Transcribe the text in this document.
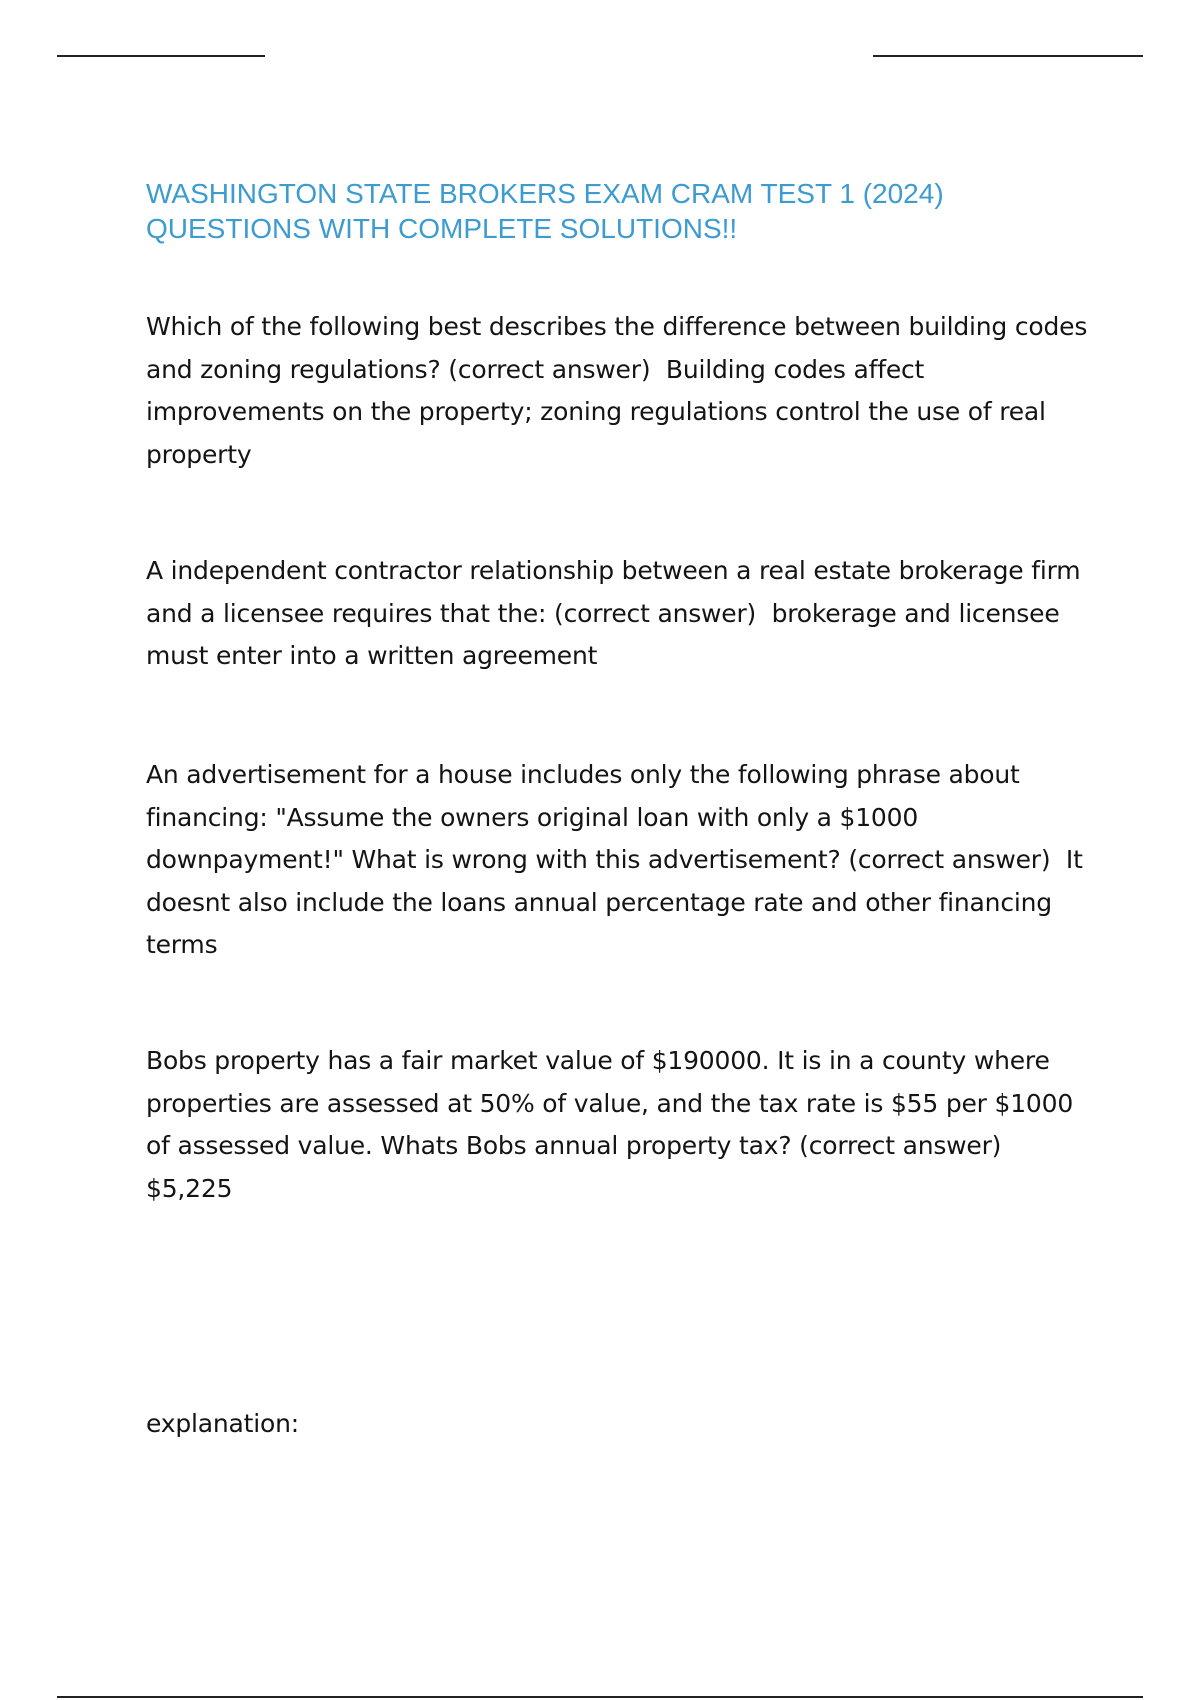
WASHINGTON STATE BROKERS EXAM CRAM TEST 1 (2024) QUESTIONS WITH COMPLETE SOLUTIONS!!

Which of the following best describes the difference between building codes and zoning regulations? (correct answer) Building codes affect improvements on the property; zoning regulations control the use of real property

A independent contractor relationship between a real estate brokerage firm and a licensee requires that the: (correct answer) brokerage and licensee must enter into a written agreement

An advertisement for a house includes only the following phrase about financing: "Assume the owners original loan with only a $1000 downpayment!" What is wrong with this advertisement? (correct answer) It doesnt also include the loans annual percentage rate and other financing terms

Bobs property has a fair market value of $190000. It is in a county where properties are assessed at 50% of value, and the tax rate is $55 per $1000 of assessed value. Whats Bobs annual property tax? (correct answer)  $5,225

explanation:
